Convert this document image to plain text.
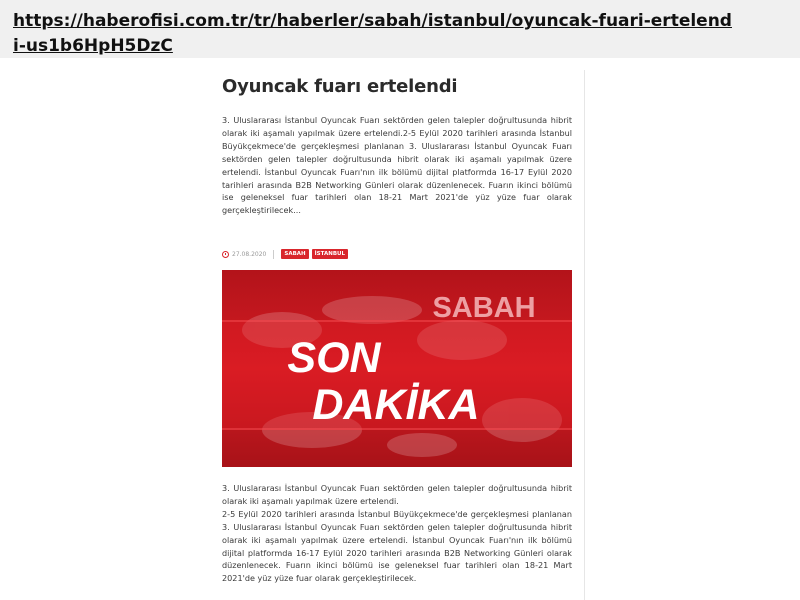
https://haberofisi.com.tr/tr/haberler/sabah/istanbul/oyuncak-fuari-ertelendi-us1b6HpH5DzC
Oyuncak fuarı ertelendi

3. Uluslararası İstanbul Oyuncak Fuarı sektörden gelen talepler doğrultusunda hibrit olarak iki aşamalı yapılmak üzere ertelendi.2-5 Eylül 2020 tarihleri arasında İstanbul Büyükçekmece'de gerçekleşmesi planlanan 3. Uluslararası İstanbul Oyuncak Fuarı sektörden gelen talepler doğrultusunda hibrit olarak iki aşamalı yapılmak üzere ertelendi. İstanbul Oyuncak Fuarı'nın ilk bölümü dijital platformda 16-17 Eylül 2020 tarihleri arasında B2B Networking Günleri olarak düzenlenecek. Fuarın ikinci bölümü ise geleneksel fuar tarihleri olan 18-21 Mart 2021'de yüz yüze fuar olarak gerçekleştirilecek...

27.08.2020	SABAH	İSTANBUL
SABAH
SON
DAKİKA

3. Uluslararası İstanbul Oyuncak Fuarı sektörden gelen talepler doğrultusunda hibrit olarak iki aşamalı yapılmak üzere ertelendi.

2-5 Eylül 2020 tarihleri arasında İstanbul Büyükçekmece'de gerçekleşmesi planlanan 3. Uluslararası İstanbul Oyuncak Fuarı sektörden gelen talepler doğrultusunda hibrit olarak iki aşamalı yapılmak üzere ertelendi. İstanbul Oyuncak Fuarı'nın ilk bölümü dijital platformda 16-17 Eylül 2020 tarihleri arasında B2B Networking Günleri olarak düzenlenecek. Fuarın ikinci bölümü ise geleneksel fuar tarihleri olan 18-21 Mart 2021'de yüz yüze fuar olarak gerçekleştirilecek.
